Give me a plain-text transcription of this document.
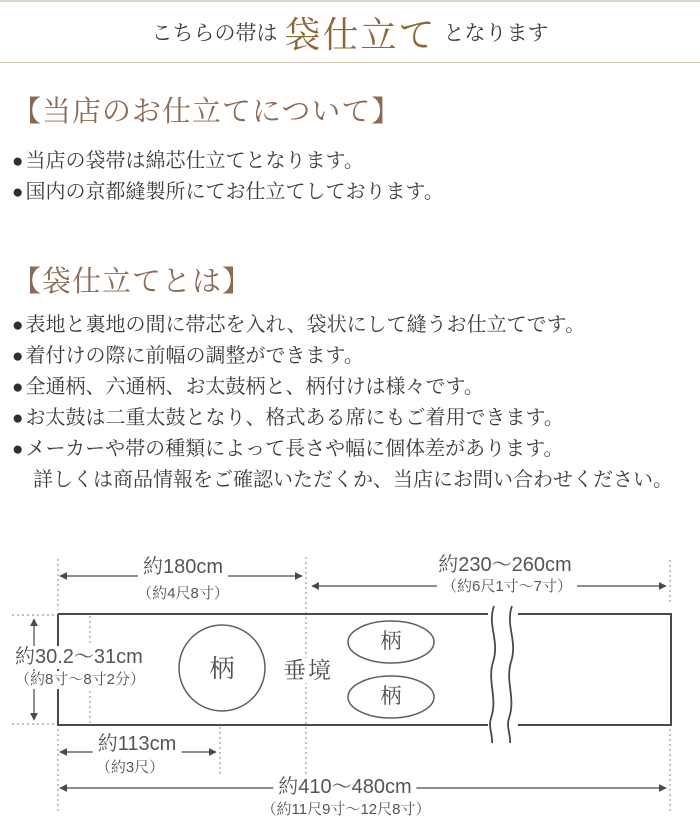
こちらの帯は 袋仕立て となります
【当店のお仕立てについて】

● 当店の袋帯は綿芯仕立てとなります。

● 国内の京都縫製所にてお仕立てしております。

【袋仕立てとは】

● 表地と裏地の間に帯芯を入れ、袋状にして縫うお仕立てです。

● 着付けの際に前幅の調整ができます。

● 全通柄、六通柄、お太鼓柄と、柄付けは様々です。

● お太鼓は二重太鼓となり、格式ある席にもご着用できます。

● メーカーや帯の種類によって長さや幅に個体差があります。

詳しくは商品情報をご確認いただくか、当店にお問い合わせください。

約180cm
（約4尺8寸）
約230〜260cm
（約6尺1寸〜7寸）
約30.2〜31cm
（約8寸〜8寸2分）
約113cm
（約3尺）
約410〜480cm
（約11尺9寸〜12尺8寸）
柄
柄
柄
垂境
